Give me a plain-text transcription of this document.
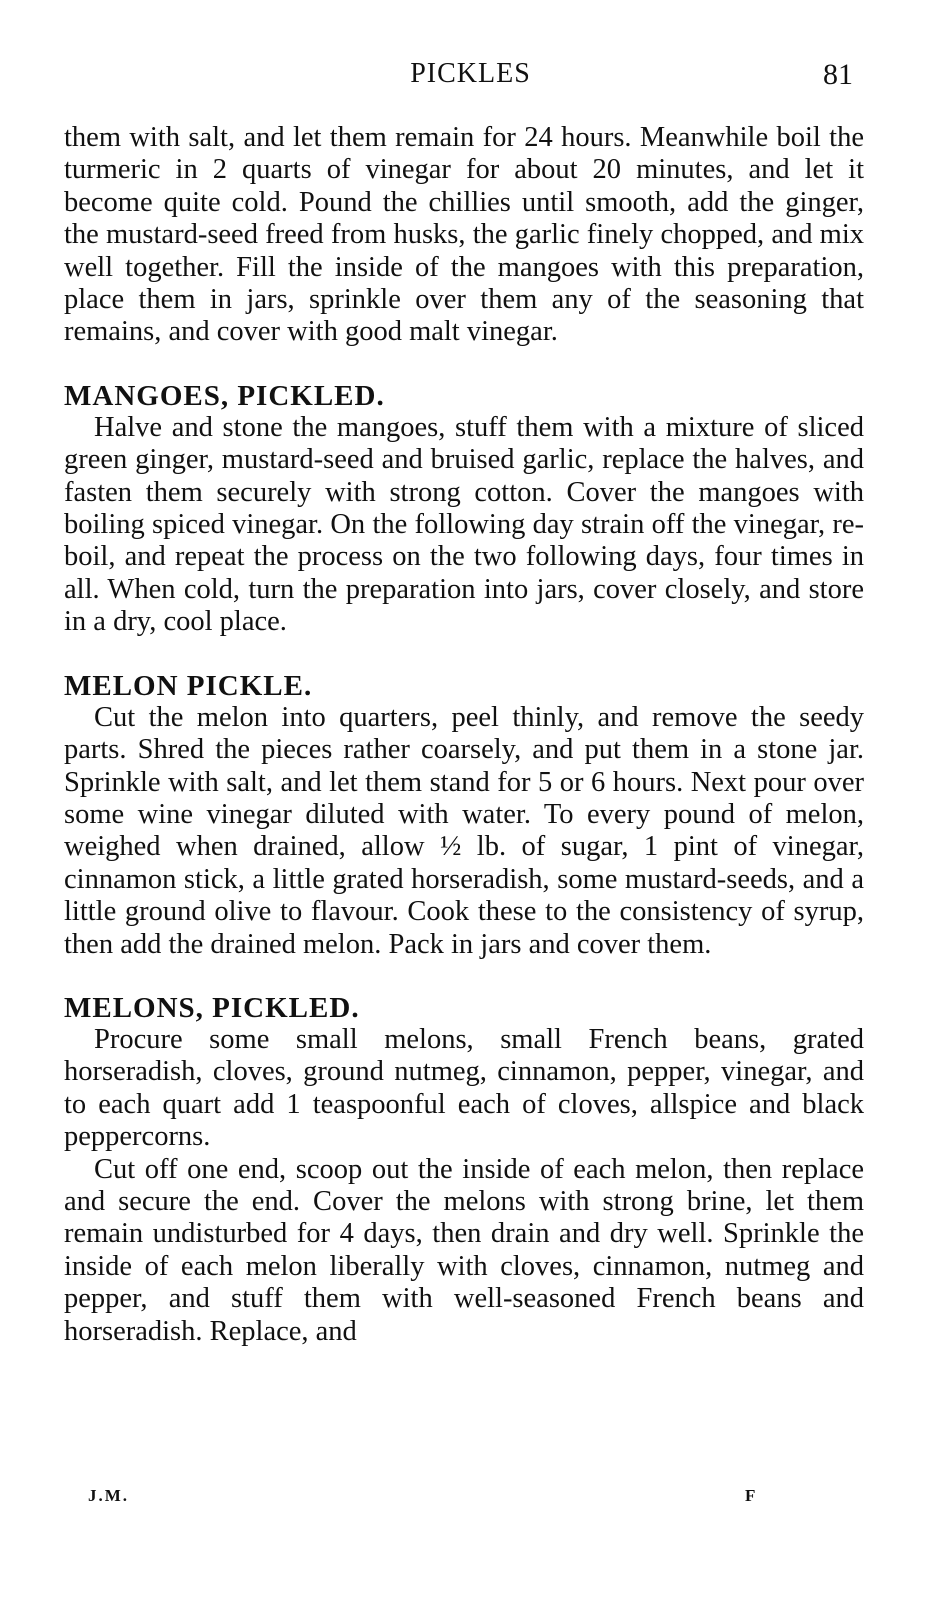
PICKLES	81

them with salt, and let them remain for 24 hours. Meanwhile boil the turmeric in 2 quarts of vinegar for about 20 minutes, and let it become quite cold. Pound the chillies until smooth, add the ginger, the mustard-seed freed from husks, the garlic finely chopped, and mix well together. Fill the inside of the mangoes with this preparation, place them in jars, sprinkle over them any of the seasoning that remains, and cover with good malt vinegar.

MANGOES, PICKLED.

Halve and stone the mangoes, stuff them with a mixture of sliced green ginger, mustard-seed and bruised garlic, replace the halves, and fasten them securely with strong cotton. Cover the mangoes with boiling spiced vinegar. On the following day strain off the vinegar, re-boil, and repeat the process on the two following days, four times in all. When cold, turn the preparation into jars, cover closely, and store in a dry, cool place.

MELON PICKLE.

Cut the melon into quarters, peel thinly, and remove the seedy parts. Shred the pieces rather coarsely, and put them in a stone jar. Sprinkle with salt, and let them stand for 5 or 6 hours. Next pour over some wine vinegar diluted with water. To every pound of melon, weighed when drained, allow ½ lb. of sugar, 1 pint of vinegar, cinnamon stick, a little grated horseradish, some mustard-seeds, and a little ground olive to flavour. Cook these to the consistency of syrup, then add the drained melon. Pack in jars and cover them.

MELONS, PICKLED.

Procure some small melons, small French beans, grated horseradish, cloves, ground nutmeg, cinnamon, pepper, vinegar, and to each quart add 1 teaspoonful each of cloves, allspice and black peppercorns.

Cut off one end, scoop out the inside of each melon, then replace and secure the end. Cover the melons with strong brine, let them remain undisturbed for 4 days, then drain and dry well. Sprinkle the inside of each melon liberally with cloves, cinnamon, nutmeg and pepper, and stuff them with well-seasoned French beans and horseradish. Replace, and

J.M.	F
